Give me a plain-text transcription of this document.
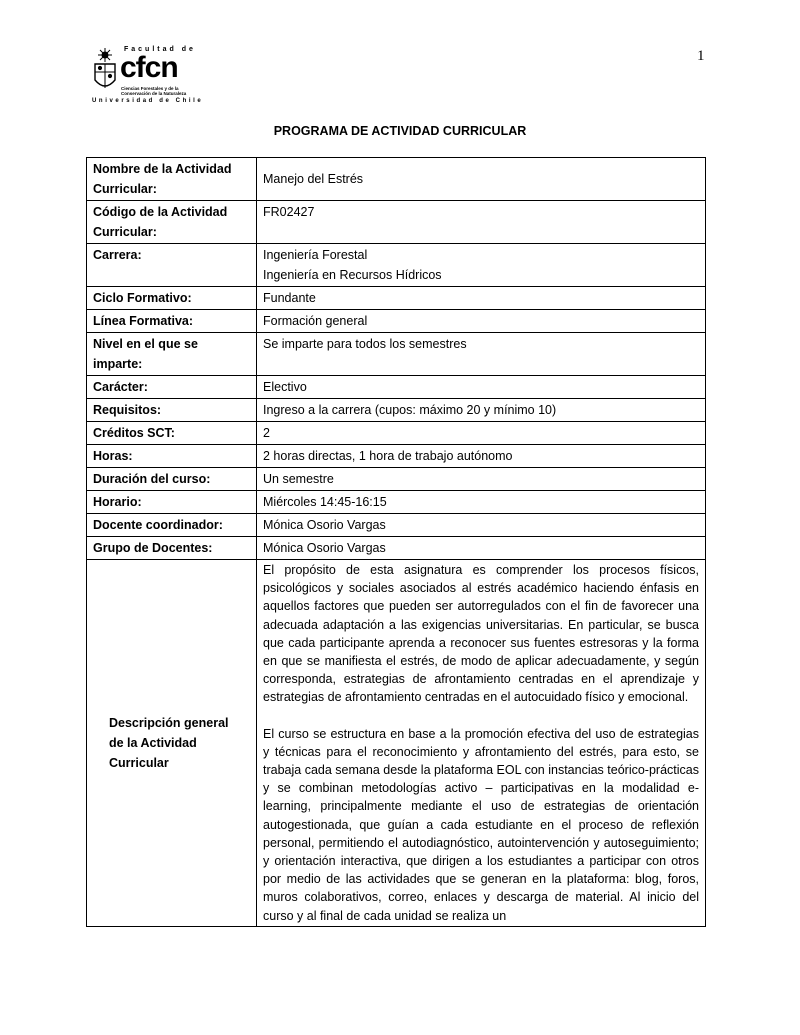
1
Facultad de
cfcn
Ciencias Forestales y de la
Conservación de la Naturaleza
Universidad de Chile
PROGRAMA DE ACTIVIDAD CURRICULAR
Nombre de la Actividad Curricular:	Manejo del Estrés
Código de la Actividad Curricular:	FR02427
Carrera:	Ingeniería Forestal
Ingeniería en Recursos Hídricos

Ciclo Formativo:	Fundante
Línea Formativa:	Formación general
Nivel en el que se imparte:	Se imparte para todos los semestres
Carácter:	Electivo
Requisitos:	Ingreso a la carrera (cupos: máximo 20 y mínimo 10)
Créditos SCT:	2
Horas:	2 horas directas, 1 hora de trabajo autónomo
Duración del curso:	Un semestre
Horario:	Miércoles 14:45-16:15
Docente coordinador:	Mónica Osorio Vargas
Grupo de Docentes:	Mónica Osorio Vargas
Descripción general de la Actividad Curricular	El propósito de esta asignatura es comprender los procesos físicos, psicológicos y sociales asociados al estrés académico haciendo énfasis en aquellos factores que pueden ser autorregulados con el fin de favorecer una adecuada adaptación a las exigencias universitarias. En particular, se busca que cada participante aprenda a reconocer sus fuentes estresoras y la forma en que se manifiesta el estrés, de modo de aplicar adecuadamente, y según corresponda, estrategias de afrontamiento centradas en el aprendizaje y estrategias de afrontamiento centradas en el autocuidado físico y emocional.

El curso se estructura en base a la promoción efectiva del uso de estrategias y técnicas para el reconocimiento y afrontamiento del estrés, para esto, se trabaja cada semana desde la plataforma EOL con instancias teórico-prácticas y se combinan metodologías activo – participativas en la modalidad e-learning, principalmente mediante el uso de estrategias de orientación autogestionada, que guían a cada estudiante en el proceso de reflexión personal, permitiendo el autodiagnóstico, autointervención y autoseguimiento; y orientación interactiva, que dirigen a los estudiantes a participar con otros por medio de las actividades que se generan en la plataforma: blog, foros, muros colaborativos, correo, enlaces y descarga de material. Al inicio del curso y al final de cada unidad se realiza un
